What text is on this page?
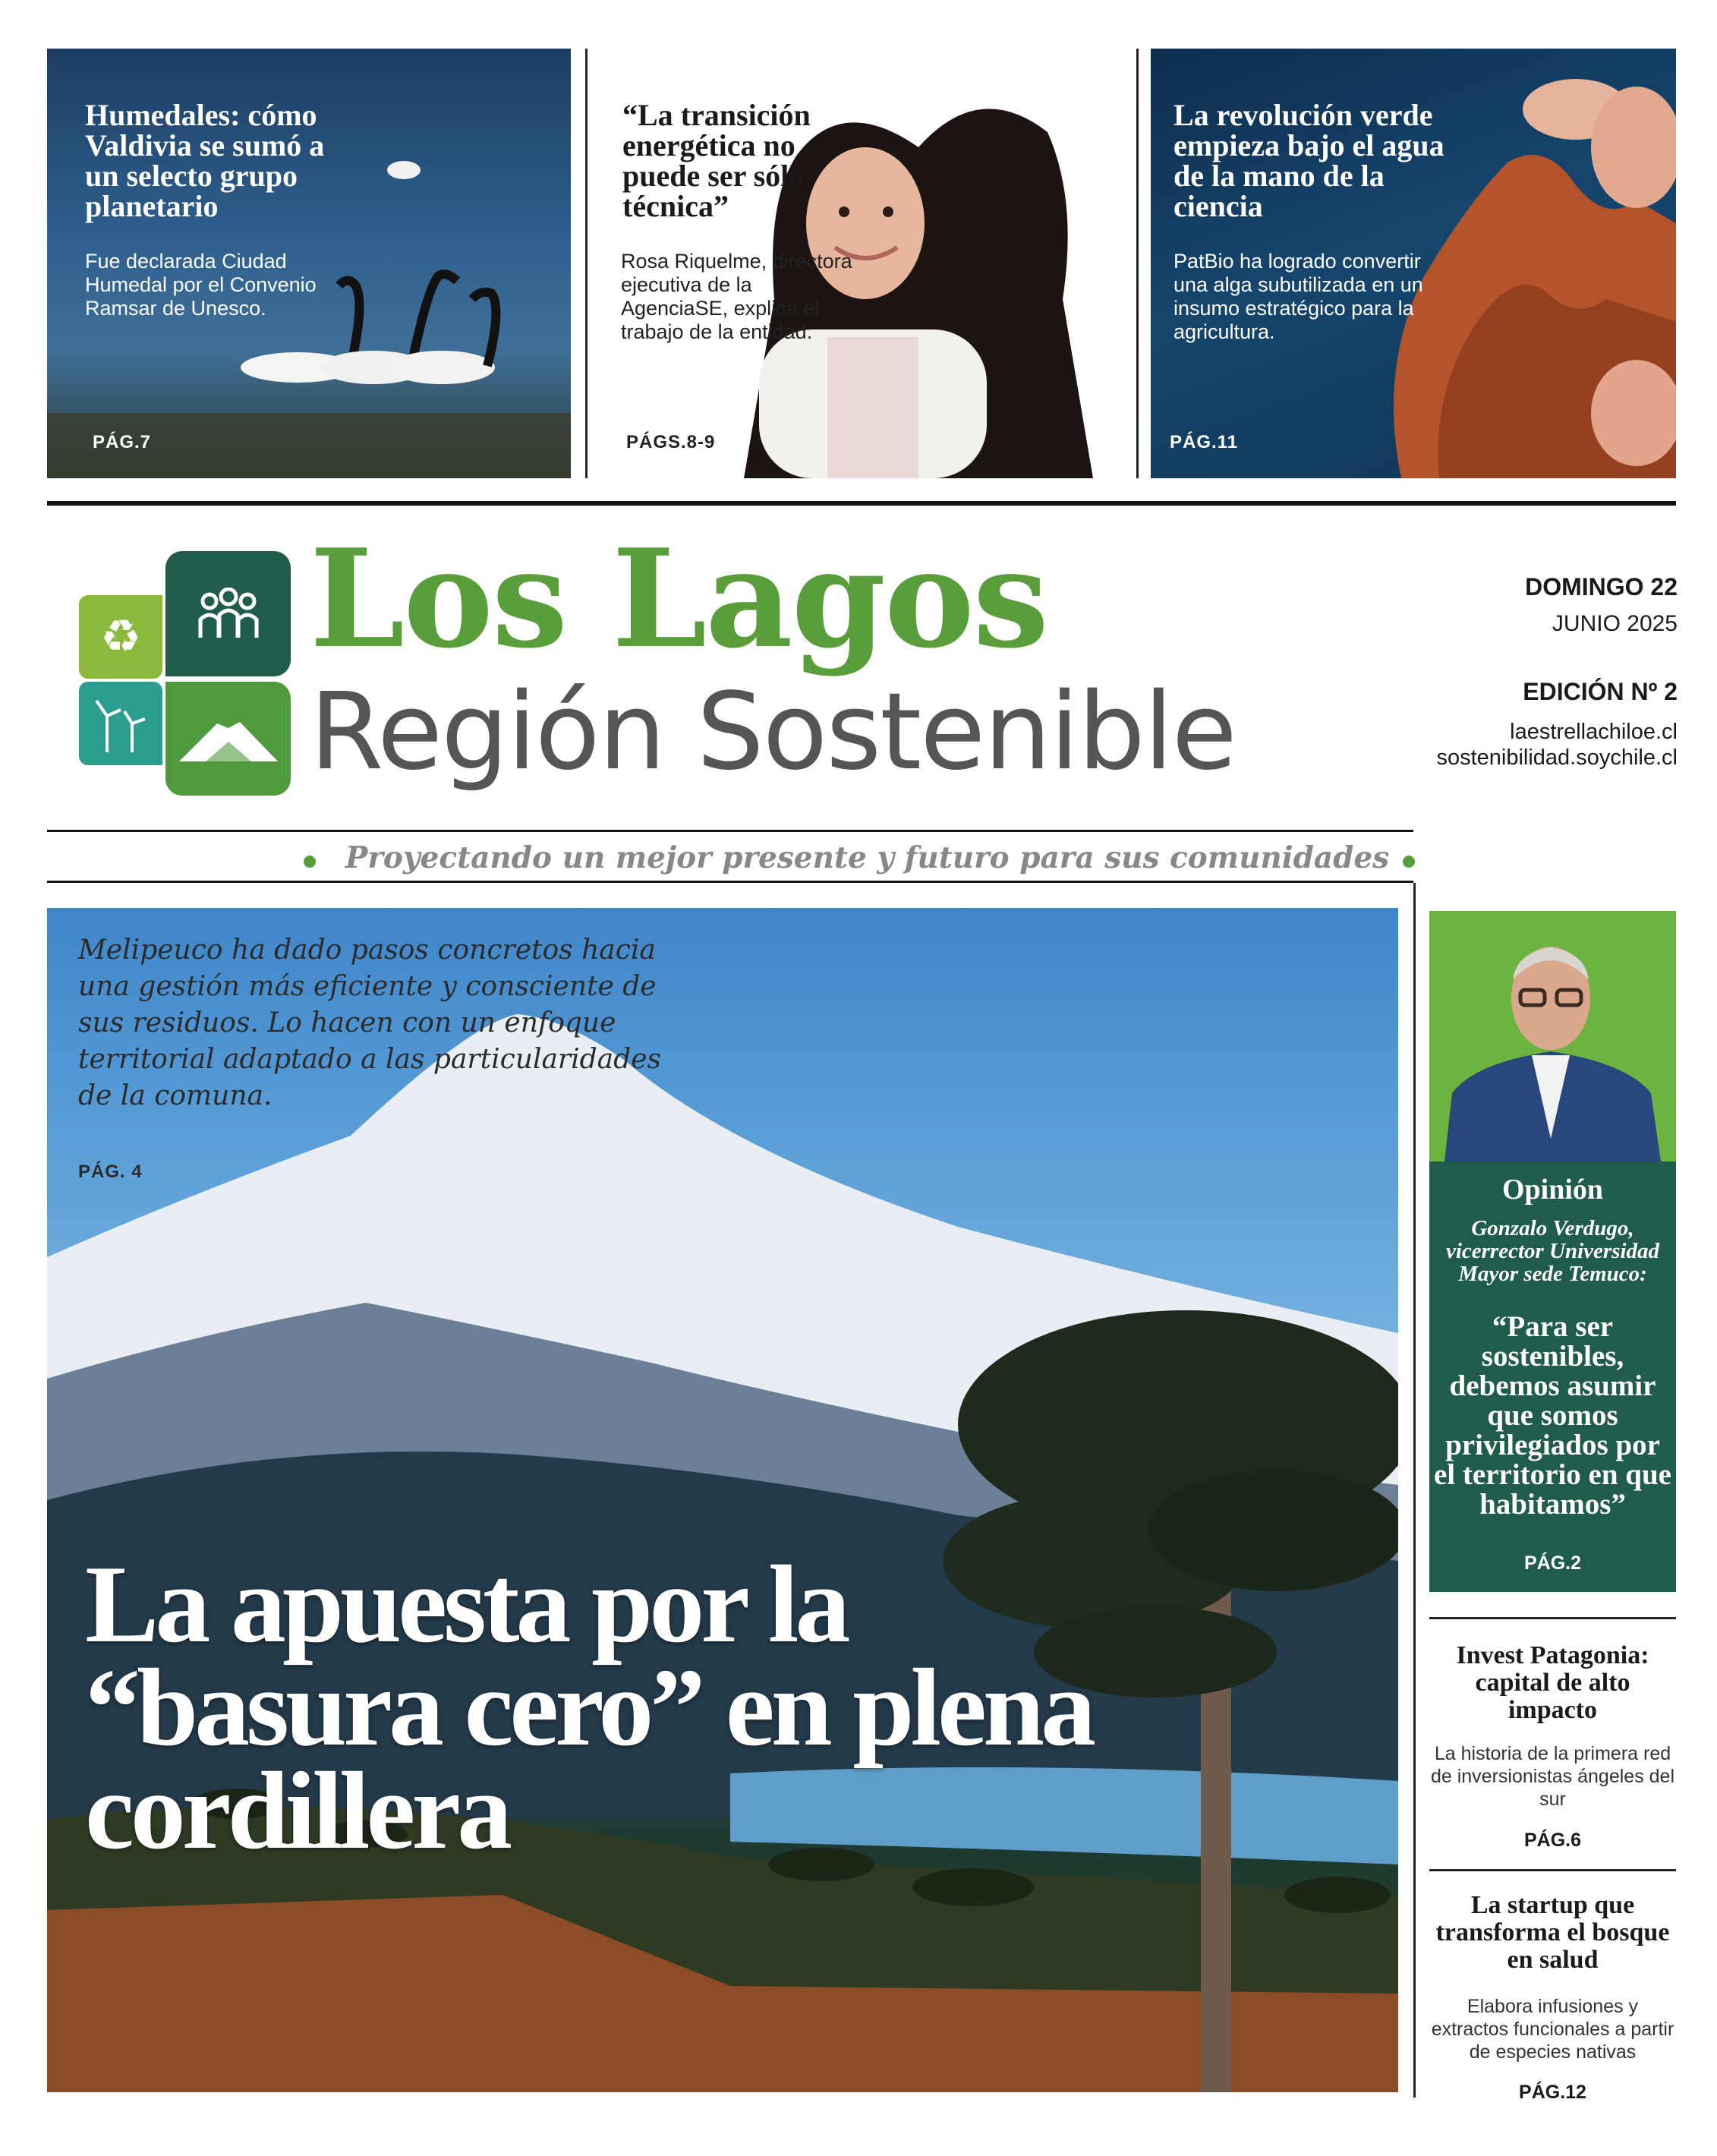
Humedales: cómo Valdivia se sumó a un selecto grupo planetario
Fue declarada Ciudad Humedal por el Convenio Ramsar de Unesco.
PÁG.7
“La transición energética no puede ser sólo técnica”
Rosa Riquelme, directora ejecutiva de la AgenciaSE, explica el trabajo de la entidad.
PÁGS.8-9
La revolución verde empieza bajo el agua de la mano de la ciencia
PatBio ha logrado convertir una alga subutilizada en un insumo estratégico para la agricultura.
PÁG.11
♻ Los Lagos
Región Sostenible
DOMINGO 22
JUNIO 2025
EDICIÓN Nº 2
laestrellachiloe.cl
sostenibilidad.soychile.cl
Proyectando un mejor presente y futuro para sus comunidades
Melipeuco ha dado pasos concretos hacia una gestión más eficiente y consciente de sus residuos. Lo hacen con un enfoque territorial adaptado a las particularidades de la comuna.
PÁG. 4
La apuesta por la “basura cero” en plena cordillera
Opinión
Gonzalo Verdugo, vicerrector Universidad Mayor sede Temuco:
“Para ser sostenibles, debemos asumir que somos privilegiados por el territorio en que habitamos”
PÁG.2
Invest Patagonia: capital de alto impacto
La historia de la primera red de inversionistas ángeles del sur
PÁG.6
La startup que transforma el bosque en salud
Elabora infusiones y extractos funcionales a partir de especies nativas
PÁG.12
